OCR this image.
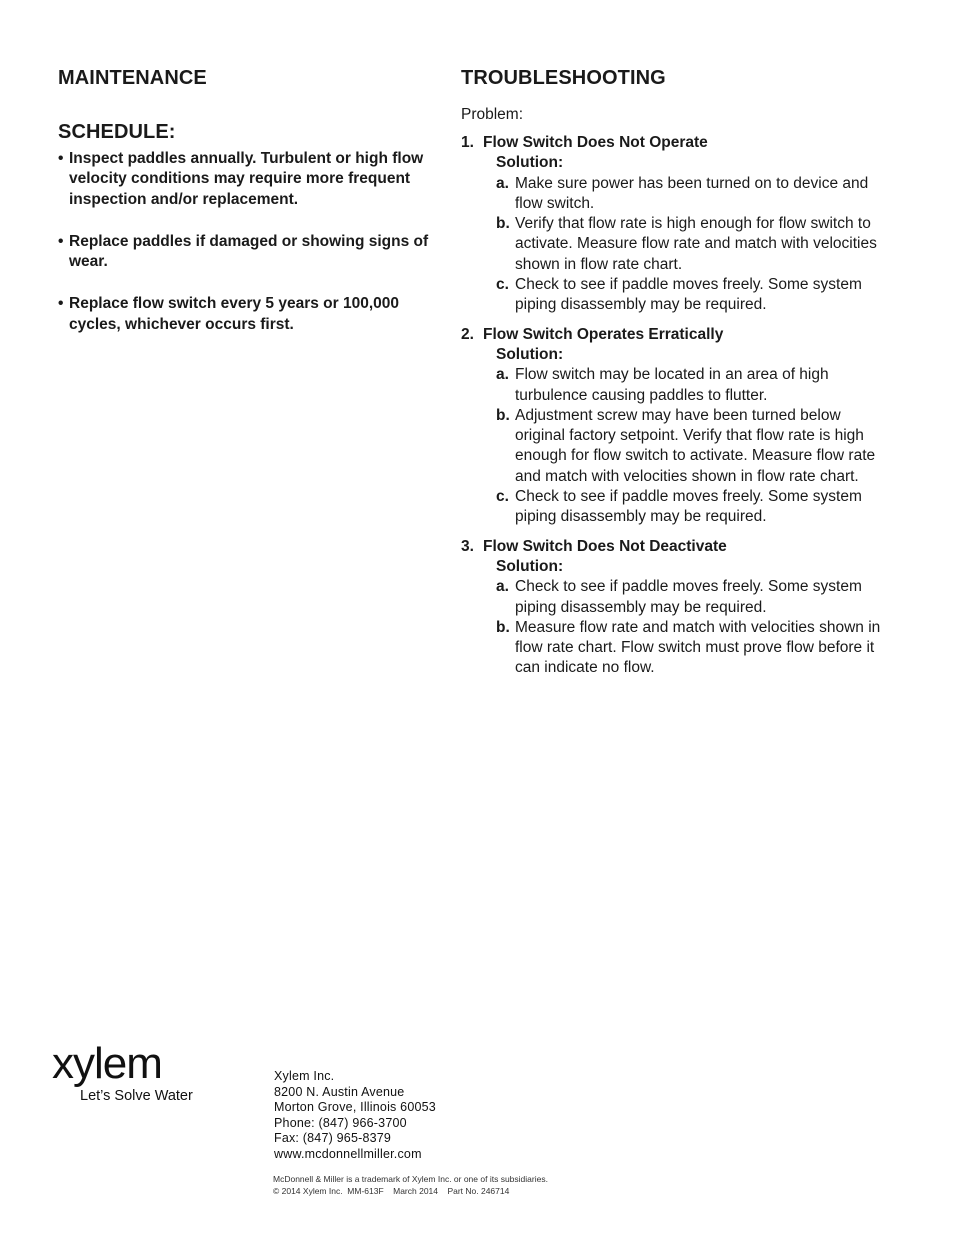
MAINTENANCE
SCHEDULE:
• Inspect paddles annually. Turbulent or high flow velocity conditions may require more frequent inspection and/or replacement.
• Replace paddles if damaged or showing signs of wear.
• Replace flow switch every 5 years or 100,000 cycles, whichever occurs first.
TROUBLESHOOTING
Problem:
1. Flow Switch Does Not Operate
Solution:
a. Make sure power has been turned on to device and flow switch.
b. Verify that flow rate is high enough for flow switch to activate. Measure flow rate and match with velocities shown in flow rate chart.
c. Check to see if paddle moves freely. Some system piping disassembly may be required.
2. Flow Switch Operates Erratically
Solution:
a. Flow switch may be located in an area of high turbulence causing paddles to flutter.
b. Adjustment screw may have been turned below original factory setpoint. Verify that flow rate is high enough for flow switch to activate. Measure flow rate and match with velocities shown in flow rate chart.
c. Check to see if paddle moves freely. Some system piping disassembly may be required.
3. Flow Switch Does Not Deactivate
Solution:
a. Check to see if paddle moves freely. Some system piping disassembly may be required.
b. Measure flow rate and match with velocities shown in flow rate chart. Flow switch must prove flow before it can indicate no flow.
xylem
Let’s Solve Water
Xylem Inc.
8200 N. Austin Avenue
Morton Grove, Illinois 60053
Phone: (847) 966-3700
Fax: (847) 965-8379
www.mcdonnellmiller.com
McDonnell & Miller is a trademark of Xylem Inc. or one of its subsidiaries.
© 2014 Xylem Inc.  MM-613F    March 2014    Part No. 246714
